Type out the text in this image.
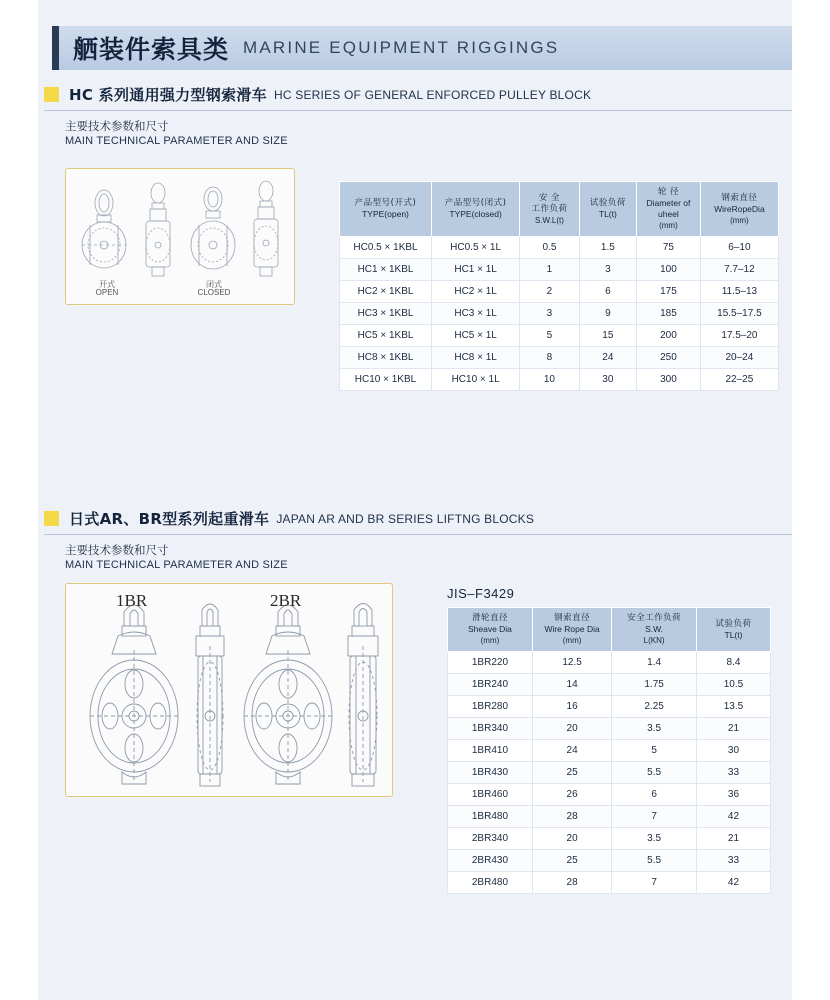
舾装件索具类 MARINE EQUIPMENT RIGGINGS
HC 系列通用强力型钢索滑车 HC SERIES OF GENERAL ENFORCED PULLEY BLOCK
主要技术参数和尺寸
MAIN TECHNICAL PARAMETER AND SIZE
开式
OPEN
闭式
CLOSED
产品型号(开式)
TYPE(open)	产品型号(闭式)
TYPE(closed)	安 全
工作负荷
S.W.L(t)	试验负荷
TL(t)	轮 径
Diameter of uheel
(mm)	钢索直径
WireRopeDia
(mm)

HC0.5 × 1KBL	HC0.5 × 1L	0.5	1.5	75	6–10
HC1 × 1KBL	HC1 × 1L	1	3	100	7.7–12
HC2 × 1KBL	HC2 × 1L	2	6	175	11.5–13
HC3 × 1KBL	HC3 × 1L	3	9	185	15.5–17.5
HC5 × 1KBL	HC5 × 1L	5	15	200	17.5–20
HC8 × 1KBL	HC8 × 1L	8	24	250	20–24
HC10 × 1KBL	HC10 × 1L	10	30	300	22–25
日式AR、BR型系列起重滑车 JAPAN AR AND BR SERIES LIFTNG BLOCKS
主要技术参数和尺寸
MAIN TECHNICAL PARAMETER AND SIZE
1BR	2BR	JIS–F3429
滑轮直径
Sheave Dia
(mm)	钢索直径
Wire Rope Dia
(mm)	安全工作负荷
S.W.
L(KN)	试验负荷
TL(t)

1BR220	12.5	1.4	8.4
1BR240	14	1.75	10.5
1BR280	16	2.25	13.5
1BR340	20	3.5	21
1BR410	24	5	30
1BR430	25	5.5	33
1BR460	26	6	36
1BR480	28	7	42
2BR340	20	3.5	21
2BR430	25	5.5	33
2BR480	28	7	42
